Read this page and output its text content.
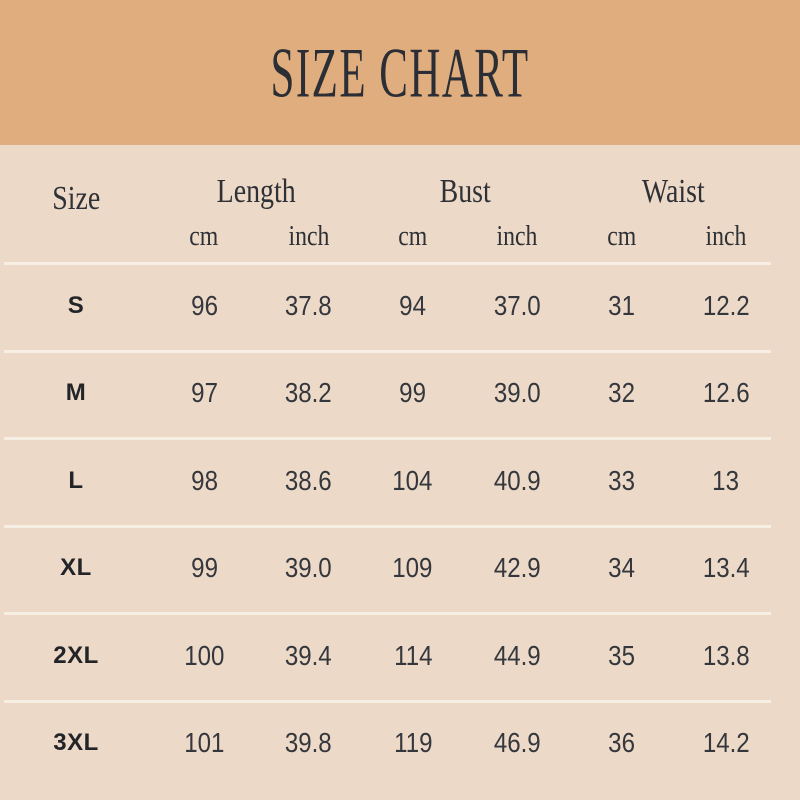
SIZE CHART
Size	Length	Bust	Waist
cm inch cm inch cm inch
S	96 37.8 94 37.0 31 12.2
M	97 38.2 99 39.0 32 12.6
L	98 38.6 104 40.9 33	13
XL	99 39.0 109 42.9 34 13.4
2XL	100 39.4 114 44.9 35 13.8
3XL	101 39.8 119 46.9 36 14.2
